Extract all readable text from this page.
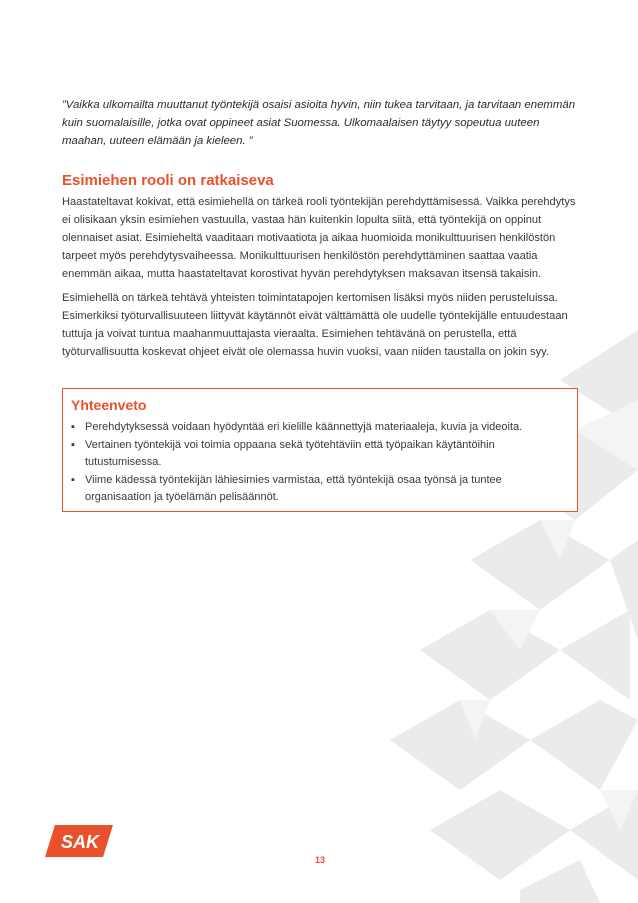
”Vaikka ulkomailta muuttanut työntekijä osaisi asioita hyvin, niin tukea tarvitaan, ja tarvitaan enemmän kuin suomalaisille, jotka ovat oppineet asiat Suomessa. Ulkomaalaisen täytyy sopeutua uuteen maahan, uuteen elämään ja kieleen. ”

Esimiehen rooli on ratkaiseva

Haastateltavat kokivat, että esimiehellä on tärkeä rooli työntekijän perehdyttämisessä. Vaikka perehdytys ei olisikaan yksin esimiehen vastuulla, vastaa hän kuitenkin lopulta siitä, että työntekijä on oppinut olennaiset asiat. Esimieheltä vaaditaan motivaatiota ja aikaa huomioida monikulttuurisen henkilöstön tarpeet myös perehdytysvaiheessa. Monikulttuurisen henkilöstön perehdyttäminen saattaa vaatia enemmän aikaa, mutta haastateltavat korostivat hyvän perehdytyksen maksavan itsensä takaisin.

Esimiehellä on tärkeä tehtävä yhteisten toimintatapojen kertomisen lisäksi myös niiden perusteluissa. Esimerkiksi työturvallisuuteen liittyvät käytännöt eivät välttämättä ole uudelle työntekijälle entuudestaan tuttuja ja voivat tuntua maahanmuuttajasta vieraalta. Esimiehen tehtävänä on perustella, että työturvallisuutta koskevat ohjeet eivät ole olemassa huvin vuoksi, vaan niiden taustalla on jokin syy.

Yhteenveto
▪ Perehdytyksessä voidaan hyödyntää eri kielille käännettyjä materiaaleja, kuvia ja videoita.
▪ Vertainen työntekijä voi toimia oppaana sekä työtehtäviin että työpaikan käytäntöihin tutustumisessa.
▪ Viime kädessä työntekijän lähiesimies varmistaa, että työntekijä osaa työnsä ja tuntee organisaation ja työelämän pelisäännöt.
SAK
13
